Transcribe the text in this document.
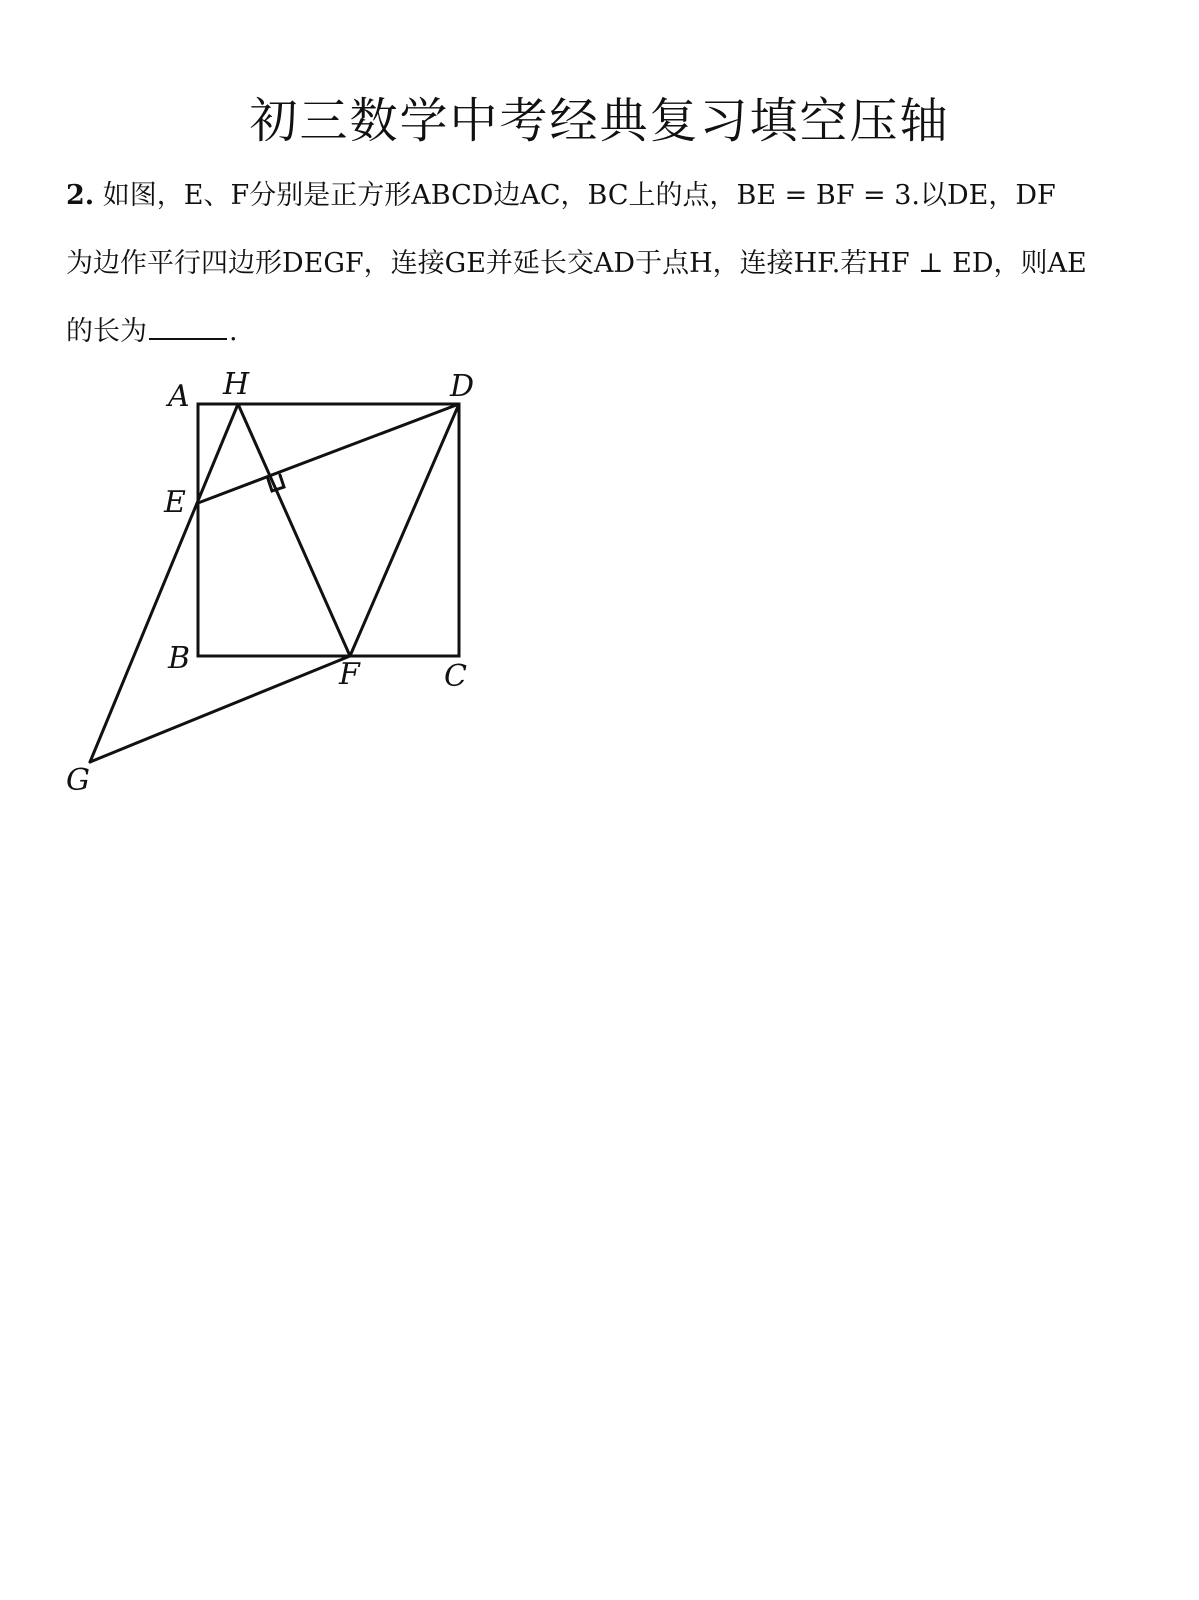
初三数学中考经典复习填空压轴
2. 如图，E、F分别是正方形ABCD边AC，BC上的点，BE = BF = 3.以DE，DF
为边作平行四边形DEGF，连接GE并延长交AD于点H，连接HF.若HF ⊥ ED，则AE
的长为	.
A H	D
E
B	F	C
G
